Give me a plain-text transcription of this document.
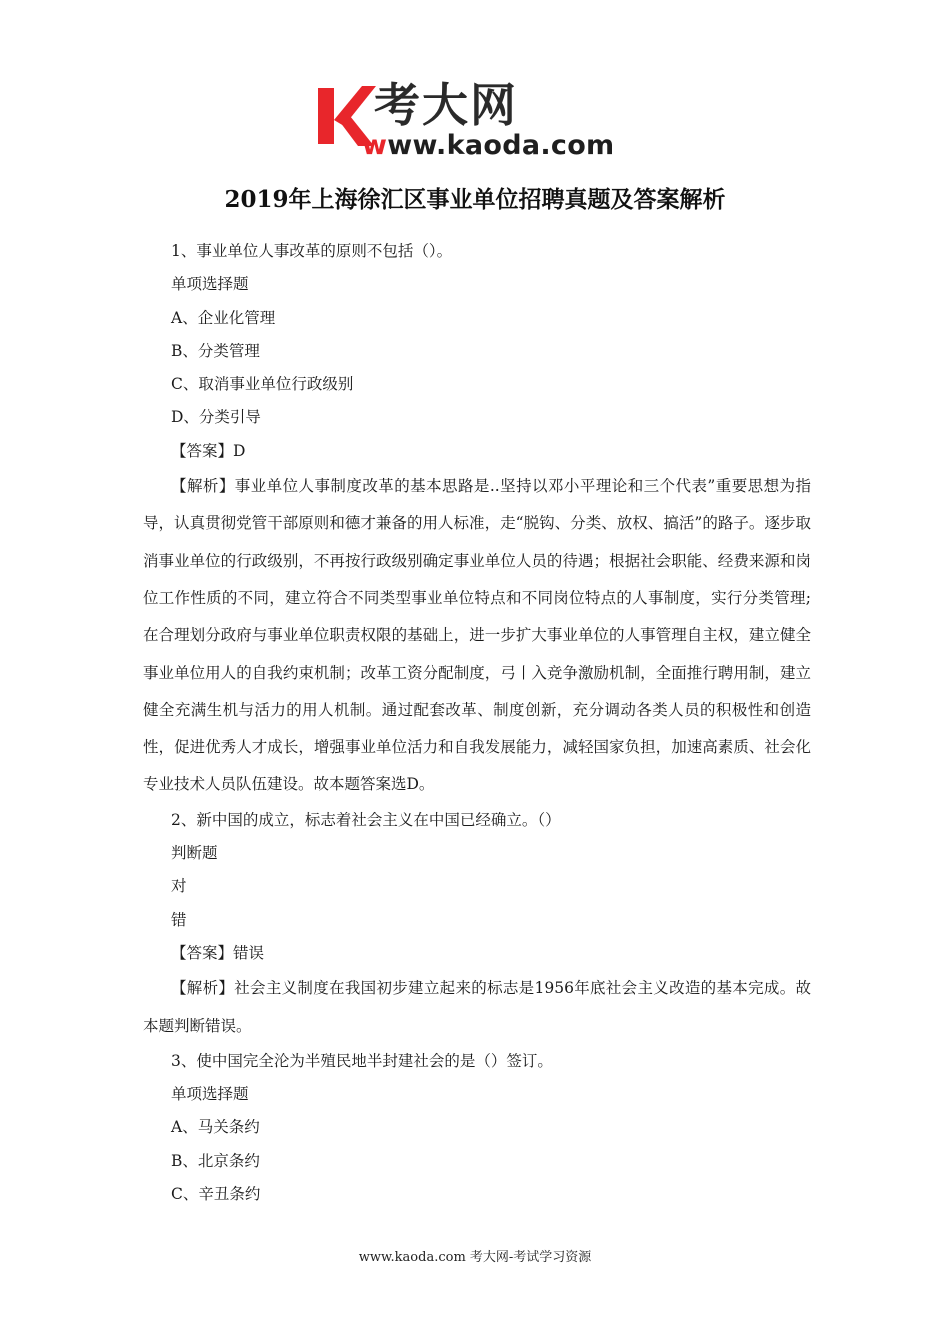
考大网
www.kaoda.com
2019年上海徐汇区事业单位招聘真题及答案解析
1、事业单位人事改革的原则不包括（）。
单项选择题
A、企业化管理
B、分类管理
C、取消事业单位行政级别
D、分类引导
【答案】D
【解析】事业单位人事制度改革的基本思路是..坚持以邓小平理论和三个代表”重要思想为指导，认真贯彻党管干部原则和德才兼备的用人标准，走“脱钩、分类、放权、搞活”的路子。逐步取消事业单位的行政级别，不再按行政级别确定事业单位人员的待遇；根据社会职能、经费来源和岗位工作性质的不同，建立符合不同类型事业单位特点和不同岗位特点的人事制度，实行分类管理;在合理划分政府与事业单位职责权限的基础上，进一步扩大事业单位的人事管理自主权，建立健全事业单位用人的自我约束机制；改革工资分配制度，弓丨入竞争激励机制，全面推行聘用制，建立健全充满生机与活力的用人机制。通过配套改革、制度创新，充分调动各类人员的积极性和创造性，促进优秀人才成长，增强事业单位活力和自我发展能力，减轻国家负担，加速高素质、社会化专业技术人员队伍建设。故本题答案选D。
2、新中国的成立，标志着社会主义在中国已经确立。（）
判断题
对
错
【答案】错误
【解析】社会主义制度在我国初步建立起来的标志是1956年底社会主义改造的基本完成。故本题判断错误。
3、使中国完全沦为半殖民地半封建社会的是（）签订。
单项选择题
A、马关条约
B、北京条约
C、辛丑条约
www.kaoda.com 考大网-考试学习资源
